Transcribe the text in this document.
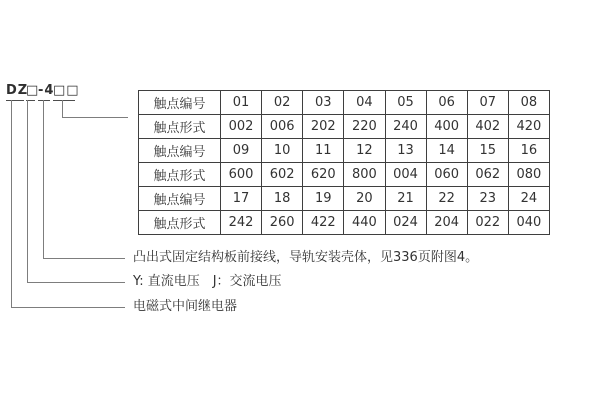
DZ
□
-4
□□
触点编号	01	02	03	04	05	06	07	08
触点形式	002	006	202	220	240	400	402	420
触点编号	09	10	11	12	13	14	15	16
触点形式	600	602	620	800	004	060	062	080
触点编号	17	18	19	20	21	22	23	24
触点形式	242	260	422	440	024	204	022	040
凸出式固定结构板前接线，导轨安装壳体，见336页附图4。
Y: 直流电压　J：交流电压
电磁式中间继电器
